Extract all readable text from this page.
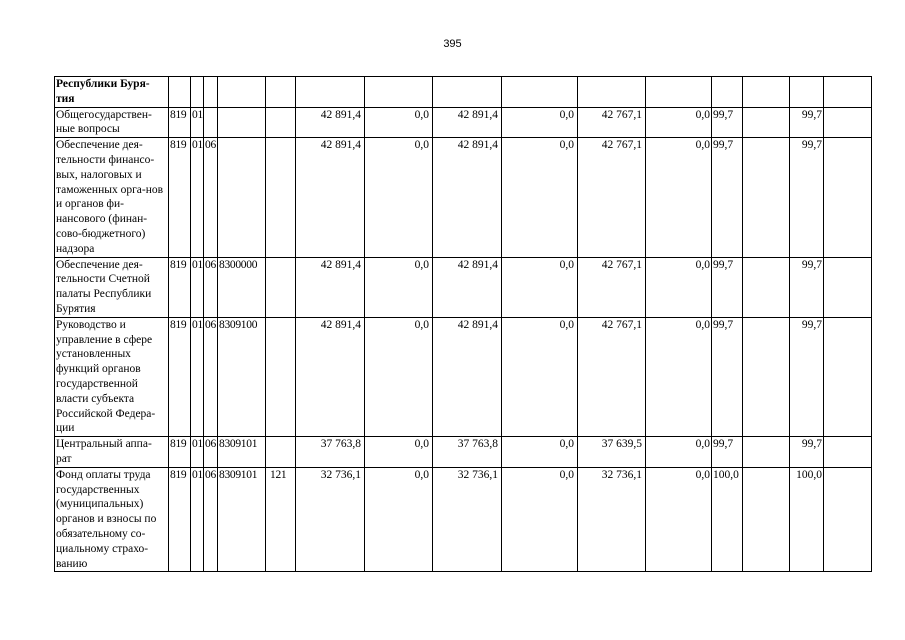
395
Республики Буря-тия															
Общегосударствен-ные вопросы	819	01				42 891,4	0,0	42 891,4	0,0	42 767,1	0,0	99,7		99,7	
Обеспечение дея-тельности финансо-вых, налоговых и таможенных орга-нов и органов фи-нансового (финан-сово-бюджетного) надзора	819	01	06			42 891,4	0,0	42 891,4	0,0	42 767,1	0,0	99,7		99,7	
Обеспечение дея-тельности Счетной палаты Республики Бурятия	819	01	06	8300000		42 891,4	0,0	42 891,4	0,0	42 767,1	0,0	99,7		99,7	
Руководство и управление в сфере установленных функций органов государственной власти субъекта Российской Федера-ции	819	01	06	8309100		42 891,4	0,0	42 891,4	0,0	42 767,1	0,0	99,7		99,7	
Центральный аппа-рат	819	01	06	8309101		37 763,8	0,0	37 763,8	0,0	37 639,5	0,0	99,7		99,7	
Фонд оплаты труда государственных (муниципальных) органов и взносы по обязательному со-циальному страхо-ванию	819	01	06	8309101	121	32 736,1	0,0	32 736,1	0,0	32 736,1	0,0	100,0		100,0	
